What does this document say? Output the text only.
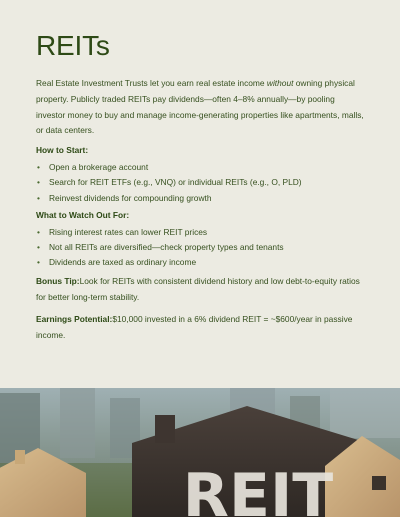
REITs

Real Estate Investment Trusts let you earn real estate income without owning physical property. Publicly traded REITs pay dividends—often 4–8% annually—by pooling investor money to buy and manage income-generating properties like apartments, malls, or data centers.

How to Start:
• Open a brokerage account
• Search for REIT ETFs (e.g., VNQ) or individual REITs (e.g., O, PLD)
• Reinvest dividends for compounding growth
What to Watch Out For:
• Rising interest rates can lower REIT prices
• Not all REITs are diversified—check property types and tenants
• Dividends are taxed as ordinary income

Bonus Tip:Look for REITs with consistent dividend history and low debt-to-equity ratios for better long-term stability.

Earnings Potential:$10,000 invested in a 6% dividend REIT = ~$600/year in passive income.

REIT
